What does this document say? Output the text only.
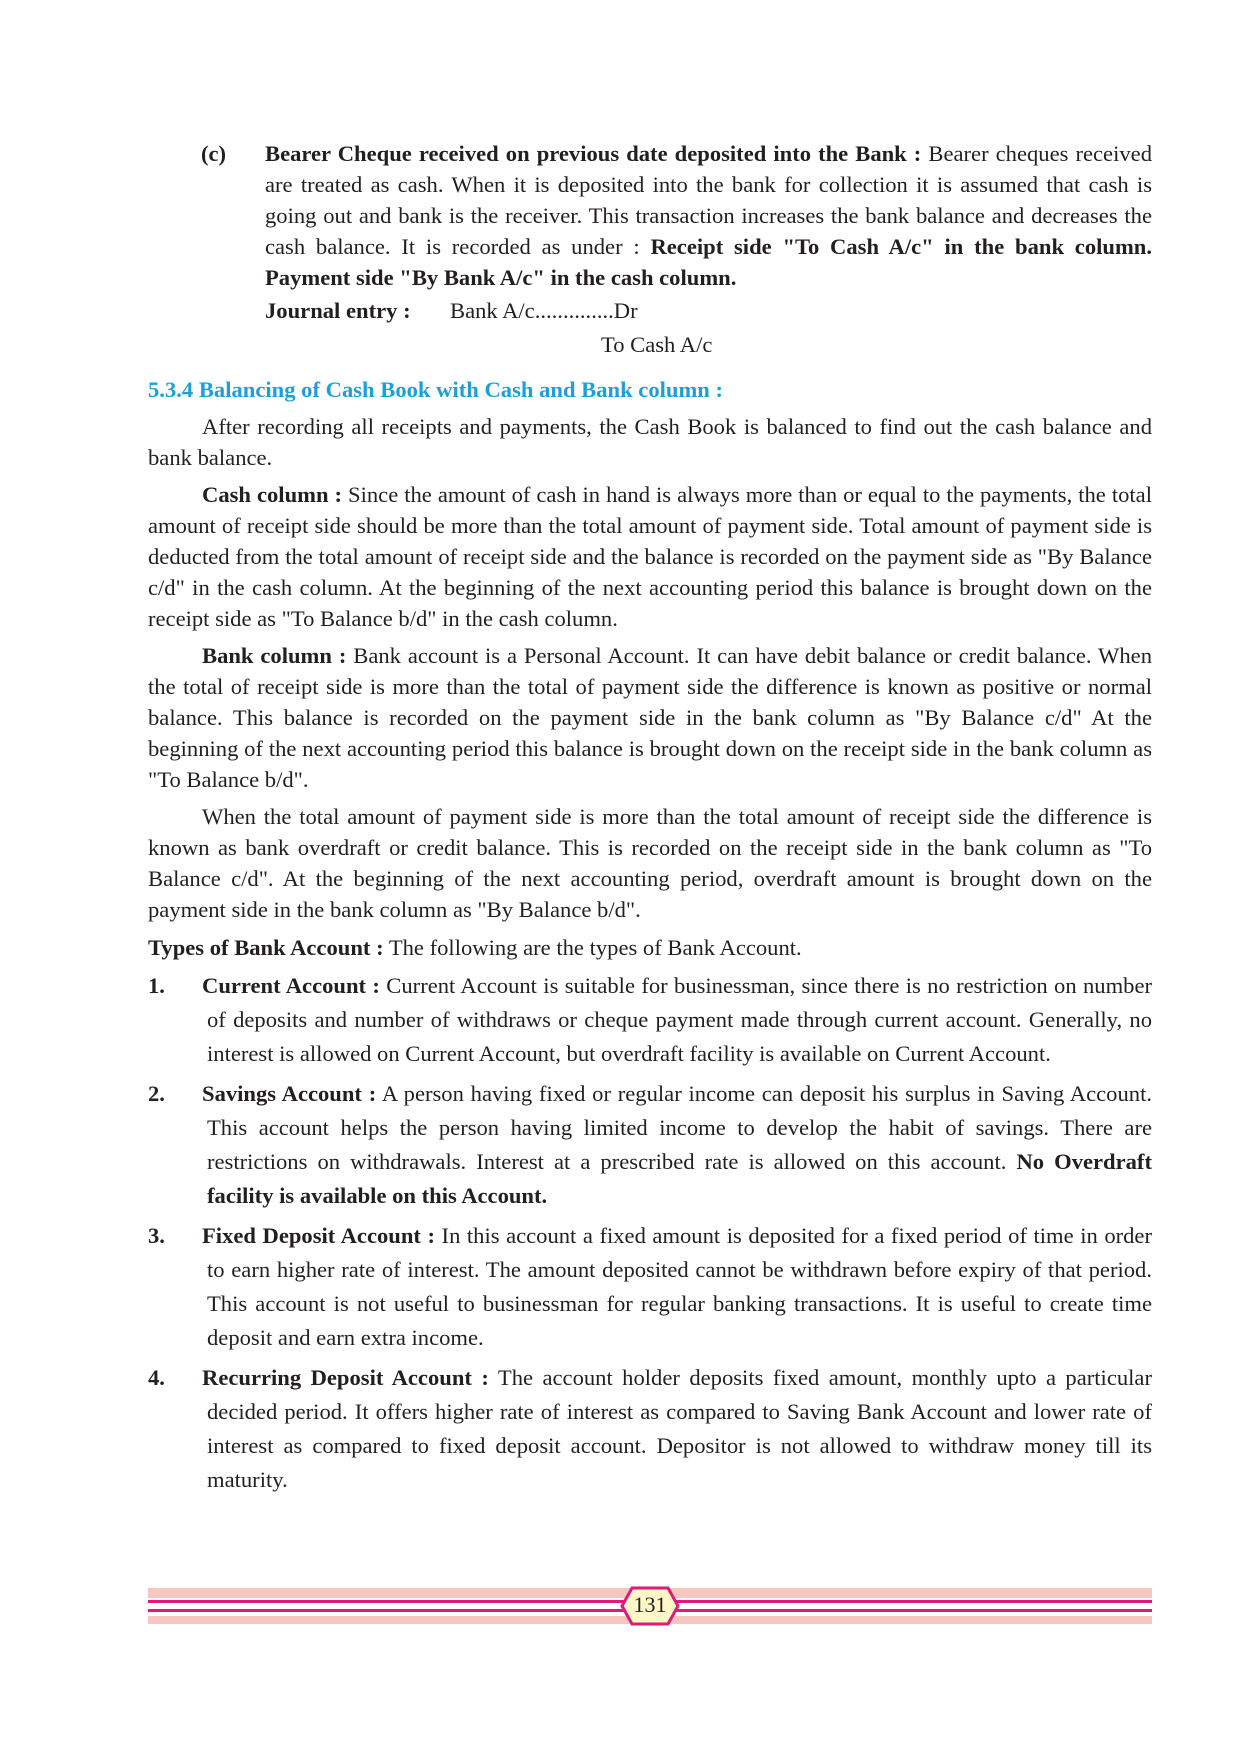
(c) Bearer Cheque received on previous date deposited into the Bank : Bearer cheques received are treated as cash. When it is deposited into the bank for collection it is assumed that cash is going out and bank is the receiver. This transaction increases the bank balance and decreases the cash balance. It is recorded as under : Receipt side "To Cash A/c" in the bank column. Payment side "By Bank A/c" in the cash column.

Journal entry : Bank A/c..............Dr
To Cash A/c
5.3.4 Balancing of Cash Book with Cash and Bank column :

After recording all receipts and payments, the Cash Book is balanced to find out the cash balance and bank balance.

Cash column : Since the amount of cash in hand is always more than or equal to the payments, the total amount of receipt side should be more than the total amount of payment side. Total amount of payment side is deducted from the total amount of receipt side and the balance is recorded on the payment side as "By Balance c/d" in the cash column. At the beginning of the next accounting period this balance is brought down on the receipt side as "To Balance b/d" in the cash column.

Bank column : Bank account is a Personal Account. It can have debit balance or credit balance. When the total of receipt side is more than the total of payment side the difference is known as positive or normal balance. This balance is recorded on the payment side in the bank column as "By Balance c/d" At the beginning of the next accounting period this balance is brought down on the receipt side in the bank column as "To Balance b/d".

When the total amount of payment side is more than the total amount of receipt side the difference is known as bank overdraft or credit balance. This is recorded on the receipt side in the bank column as "To Balance c/d". At the beginning of the next accounting period, overdraft amount is brought down on the payment side in the bank column as "By Balance b/d".

Types of Bank Account : The following are the types of Bank Account.

1. Current Account : Current Account is suitable for businessman, since there is no restriction on number of deposits and number of withdraws or cheque payment made through current account. Generally, no interest is allowed on Current Account, but overdraft facility is available on Current Account.

2. Savings Account : A person having fixed or regular income can deposit his surplus in Saving Account. This account helps the person having limited income to develop the habit of savings. There are restrictions on withdrawals. Interest at a prescribed rate is allowed on this account. No Overdraft facility is available on this Account.

3. Fixed Deposit Account : In this account a fixed amount is deposited for a fixed period of time in order to earn higher rate of interest. The amount deposited cannot be withdrawn before expiry of that period. This account is not useful to businessman for regular banking transactions. It is useful to create time deposit and earn extra income.

4. Recurring Deposit Account : The account holder deposits fixed amount, monthly upto a particular decided period. It offers higher rate of interest as compared to Saving Bank Account and lower rate of interest as compared to fixed deposit account. Depositor is not allowed to withdraw money till its maturity.

131
